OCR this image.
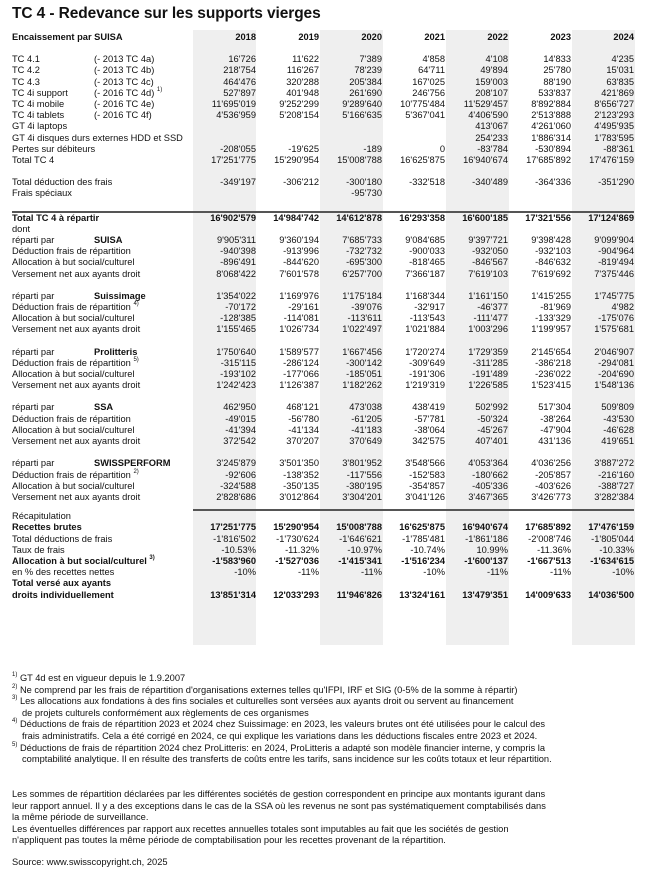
TC 4 - Redevance sur les supports vierges
Encaissement par SUISA		2018	2019	2020	2021	2022	2023	2024

TC 4.1	(- 2013 TC 4a)	16'726	11'622	7'389	4'858	4'108	14'833	4'235
TC 4.2	(- 2013 TC 4b)	218'754	116'267	78'239	64'711	49'894	25'780	15'031
TC 4.3	(- 2013 TC 4c)	464'476	320'288	205'384	167'025	159'003	88'190	63'835
TC 4i support	(- 2016 TC 4d) $^{1)}$	527'897	401'948	261'690	246'756	208'107	533'837	421'869
TC 4i mobile	(- 2016 TC 4e)	11'695'019	9'252'299	9'289'640	10'775'484	11'529'457	8'892'884	8'656'727
TC 4i tablets	(- 2016 TC 4f)	4'536'959	5'208'154	5'166'635	5'367'041	4'406'590	2'513'888	2'123'293
GT 4i laptops						413'067	4'261'060	4'495'935
GT 4i disques durs externes HDD et SSD						254'233	1'886'314	1'783'595
Pertes sur débiteurs		-208'055	-19'625	-189	0	-83'784	-530'894	-88'361
Total TC 4		17'251'775	15'290'954	15'008'788	16'625'875	16'940'674	17'685'892	17'476'159

Total déduction des frais		-349'197	-306'212	-300'180	-332'518	-340'489	-364'336	-351'290
Frais spéciaux				-95'730				

Total TC 4 à répartir		16'902'579	14'984'742	14'612'878	16'293'358	16'600'185	17'321'556	17'124'869
dont								
réparti par	SUISA	9'905'311	9'360'194	7'685'733	9'084'685	9'397'721	9'398'428	9'099'904
Déduction frais de répartition		-940'398	-913'996	-732'732	-900'033	-932'050	-932'103	-904'964
Allocation à but social/culturel		-896'491	-844'620	-695'300	-818'465	-846'567	-846'632	-819'494
Versement net aux ayants droit		8'068'422	7'601'578	6'257'700	7'366'187	7'619'103	7'619'692	7'375'446

réparti par	Suissimage	1'354'022	1'169'976	1'175'184	1'168'344	1'161'150	1'415'255	1'745'775
Déduction frais de répartition $^{4)}$		-70'172	-29'161	-39'076	-32'917	-46'377	-81'969	4'982
Allocation à but social/culturel		-128'385	-114'081	-113'611	-113'543	-111'477	-133'329	-175'076
Versement net aux ayants droit		1'155'465	1'026'734	1'022'497	1'021'884	1'003'296	1'199'957	1'575'681

réparti par	Prolitteris	1'750'640	1'589'577	1'667'456	1'720'274	1'729'359	2'145'654	2'046'907
Déduction frais de répartition $^{5)}$		-315'115	-286'124	-300'142	-309'649	-311'285	-386'218	-294'081
Allocation à but social/culturel		-193'102	-177'066	-185'051	-191'306	-191'489	-236'022	-204'690
Versement net aux ayants droit		1'242'423	1'126'387	1'182'262	1'219'319	1'226'585	1'523'415	1'548'136

réparti par	SSA	462'950	468'121	473'038	438'419	502'992	517'304	509'809
Déduction frais de répartition		-49'015	-56'780	-61'205	-57'781	-50'324	-38'264	-43'530
Allocation à but social/culturel		-41'394	-41'134	-41'183	-38'064	-45'267	-47'904	-46'628
Versement net aux ayants droit		372'542	370'207	370'649	342'575	407'401	431'136	419'651

réparti par	SWISSPERFORM	3'245'879	3'501'350	3'801'952	3'548'566	4'053'364	4'036'256	3'887'272
Déduction frais de répartition $^{2)}$		-92'606	-138'352	-117'556	-152'583	-180'662	-205'857	-216'160
Allocation à but social/culturel		-324'588	-350'135	-380'195	-354'857	-405'336	-403'626	-388'727
Versement net aux ayants droit		2'828'686	3'012'864	3'304'201	3'041'126	3'467'365	3'426'773	3'282'384

Récapitulation								
Recettes brutes		17'251'775	15'290'954	15'008'788	16'625'875	16'940'674	17'685'892	17'476'159
Total déductions de frais		-1'816'502	-1'730'624	-1'646'621	-1'785'481	-1'861'186	-2'008'746	-1'805'044
Taux de frais		-10.53%	-11.32%	-10.97%	-10.74%	10.99%	-11.36%	-10.33%
Allocation à but social/culturel $^{3)}$		-1'583'960	-1'527'036	-1'415'341	-1'516'234	-1'600'137	-1'667'513	-1'634'615
en % des recettes nettes		-10%	-11%	-11%	-10%	-11%	-11%	-10%
Total versé aux ayants								
droits individuellement		13'851'314	12'033'293	11'946'826	13'324'161	13'479'351	14'009'633	14'036'500
$^{1)}$ GT 4d est en vigueur depuis le 1.9.2007
$^{2)}$ Ne comprend par les frais de répartition d'organisations externes telles qu'IFPI, IRF et SIG (0-5% de la somme à répartir)
$^{3)}$ Les allocations aux fondations à des fins sociales et culturelles sont versées aux ayants droit ou servent au financement
de projets culturels conformément aux règlements de ces organismes
$^{4)}$ Déductions de frais de répartition 2023 et 2024 chez Suissimage: en 2023, les valeurs brutes ont été utilisées pour le calcul des
frais administratifs. Cela a été corrigé en 2024, ce qui explique les variations dans les déductions fiscales entre 2023 et 2024.
$^{5)}$ Déductions de frais de répartition 2024 chez ProLitteris: en 2024, ProLitteris a adapté son modèle financier interne, y compris la
comptabilité analytique. Il en résulte des transferts de coûts entre les tarifs, sans incidence sur les coûts totaux et leur répartition.
Les sommes de répartition déclarées par les différentes sociétés de gestion correspondent en principe aux montants igurant dans
leur rapport annuel. Il y a des exceptions dans le cas de la SSA où les revenus ne sont pas systématiquement comptabilisés dans
la même période de surveillance.
Les éventuelles différences par rapport aux recettes annuelles totales sont imputables au fait que les sociétés de gestion
n'appliquent pas toutes la même période de comptabilisation pour les recettes provenant de la répartition.
Source: www.swisscopyright.ch, 2025
